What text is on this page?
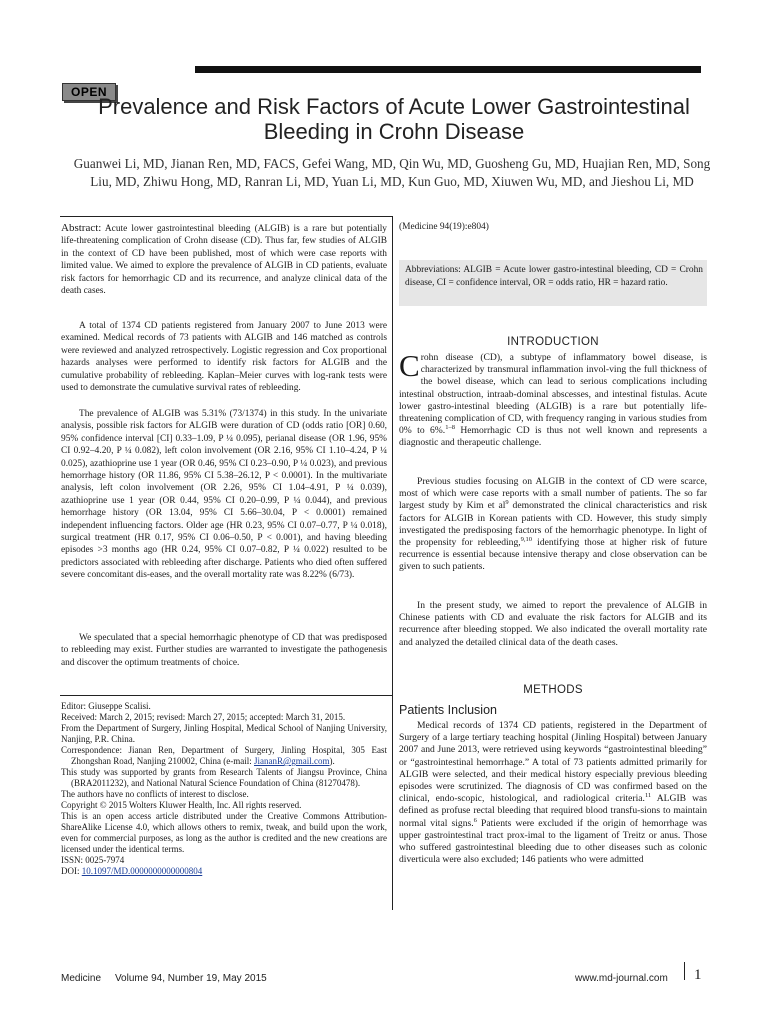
OPEN
Prevalence and Risk Factors of Acute Lower Gastrointestinal Bleeding in Crohn Disease
Guanwei Li, MD, Jianan Ren, MD, FACS, Gefei Wang, MD, Qin Wu, MD, Guosheng Gu, MD, Huajian Ren, MD, Song Liu, MD, Zhiwu Hong, MD, Ranran Li, MD, Yuan Li, MD, Kun Guo, MD, Xiuwen Wu, MD, and Jieshou Li, MD

Abstract: Acute lower gastrointestinal bleeding (ALGIB) is a rare but potentially life-threatening complication of Crohn disease (CD). Thus far, few studies of ALGIB in the context of CD have been published, most of which were case reports with limited value. We aimed to explore the prevalence of ALGIB in CD patients, evaluate risk factors for hemorrhagic CD and its recurrence, and analyze clinical data of the death cases.

A total of 1374 CD patients registered from January 2007 to June 2013 were examined. Medical records of 73 patients with ALGIB and 146 matched as controls were reviewed and analyzed retrospectively. Logistic regression and Cox proportional hazards analyses were performed to identify risk factors for ALGIB and the cumulative probability of rebleeding. Kaplan–Meier curves with log-rank tests were used to demonstrate the cumulative survival rates of rebleeding.

The prevalence of ALGIB was 5.31% (73/1374) in this study. In the univariate analysis, possible risk factors for ALGIB were duration of CD (odds ratio [OR] 0.60, 95% confidence interval [CI] 0.33–1.09, P ¼ 0.095), perianal disease (OR 1.96, 95% CI 0.92–4.20, P ¼ 0.082), left colon involvement (OR 2.16, 95% CI 1.10–4.24, P ¼ 0.025), azathioprine use 1 year (OR 0.46, 95% CI 0.23–0.90, P ¼ 0.023), and previous hemorrhage history (OR 11.86, 95% CI 5.38–26.12, P < 0.0001). In the multivariate analysis, left colon involvement (OR 2.26, 95% CI 1.04–4.91, P ¼ 0.039), azathioprine use 1 year (OR 0.44, 95% CI 0.20–0.99, P ¼ 0.044), and previous hemorrhage history (OR 13.04, 95% CI 5.66–30.04, P < 0.0001) remained independent influencing factors. Older age (HR 0.23, 95% CI 0.07–0.77, P ¼ 0.018), surgical treatment (HR 0.17, 95% CI 0.06–0.50, P < 0.001), and having bleeding episodes >3 months ago (HR 0.24, 95% CI 0.07–0.82, P ¼ 0.022) resulted to be predictors associated with rebleeding after discharge. Patients who died often suffered severe concomitant dis-eases, and the overall mortality rate was 8.22% (6/73).

We speculated that a special hemorrhagic phenotype of CD that was predisposed to rebleeding may exist. Further studies are warranted to investigate the pathogenesis and discover the optimum treatments of choice.

Editor: Giuseppe Scalisi.

Received: March 2, 2015; revised: March 27, 2015; accepted: March 31, 2015.

From the Department of Surgery, Jinling Hospital, Medical School of Nanjing University, Nanjing, P.R. China.

Correspondence: Jianan Ren, Department of Surgery, Jinling Hospital, 305 East Zhongshan Road, Nanjing 210002, China (e-mail: JiananR@gmail.com).

This study was supported by grants from Research Talents of Jiangsu Province, China (BRA2011232), and National Natural Science Foundation of China (81270478).

The authors have no conflicts of interest to disclose.

Copyright © 2015 Wolters Kluwer Health, Inc. All rights reserved.

This is an open access article distributed under the Creative Commons Attribution-ShareAlike License 4.0, which allows others to remix, tweak, and build upon the work, even for commercial purposes, as long as the author is credited and the new creations are licensed under the identical terms.

ISSN: 0025-7974

DOI: 10.1097/MD.0000000000000804

(Medicine 94(19):e804)
Abbreviations: ALGIB = Acute lower gastro-intestinal bleeding, CD = Crohn disease, CI = confidence interval, OR = odds ratio, HR = hazard ratio.
INTRODUCTION

Crohn disease (CD), a subtype of inflammatory bowel disease, is characterized by transmural inflammation invol-ving the full thickness of the bowel disease, which can lead to serious complications including intestinal obstruction, intraab-dominal abscesses, and intestinal fistulas. Acute lower gastro-intestinal bleeding (ALGIB) is a rare but potentially life-threatening complication of CD, with frequency ranging in various studies from 0% to 6%.$^{1-8}$ Hemorrhagic CD is thus not well known and represents a diagnostic and therapeutic challenge.

Previous studies focusing on ALGIB in the context of CD were scarce, most of which were case reports with a small number of patients. The so far largest study by Kim et $al^9$ demonstrated the clinical characteristics and risk factors for ALGIB in Korean patients with CD. However, this study simply investigated the predisposing factors of the hemorrhagic phenotype. In light of the propensity for rebleeding,$^{9,10}$ identifying those at higher risk of future recurrence is essential because intensive therapy and close observation can be given to such patients.

In the present study, we aimed to report the prevalence of ALGIB in Chinese patients with CD and evaluate the risk factors for ALGIB and its recurrence after bleeding stopped. We also indicated the overall mortality rate and analyzed the detailed clinical data of the death cases.

METHODS
Patients Inclusion

Medical records of 1374 CD patients, registered in the Department of Surgery of a large tertiary teaching hospital (Jinling Hospital) between January 2007 and June 2013, were retrieved using keywords “gastrointestinal bleeding” or “gastrointestinal hemorrhage.” A total of 73 patients admitted primarily for ALGIB were selected, and their medical history especially previous bleeding episodes were scrutinized. The diagnosis of CD was confirmed based on the clinical, endo-scopic, histological, and radiological criteria.$^{11}$ ALGIB was defined as profuse rectal bleeding that required blood transfu-sions to maintain normal vital signs.$^6$ Patients were excluded if the origin of hemorrhage was upper gastrointestinal tract prox-imal to the ligament of Treitz or anus. Those who suffered gastrointestinal bleeding due to other diseases such as colonic diverticula were also excluded; 146 patients who were admitted

Medicine Volume 94, Number 19, May 2015	www.md-journal.com 1
